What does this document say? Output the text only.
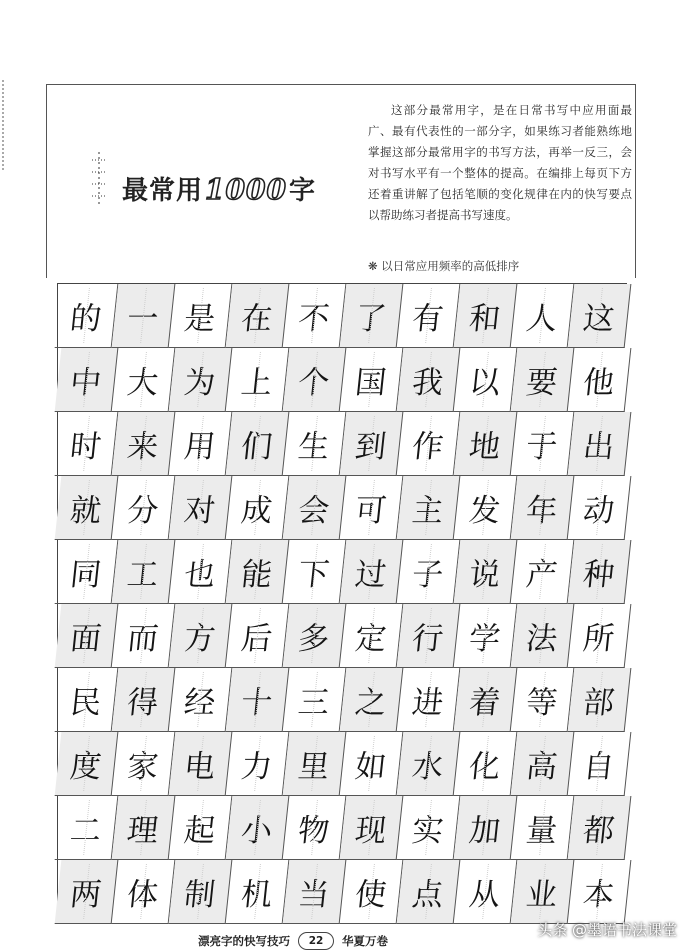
最常用1000字
这部分最常用字，是在日常书写中应用面最广、最有代表性的一部分字，如果练习者能熟练地掌握这部分最常用字的书写方法，再举一反三，会对书写水平有一个整体的提高。在编排上每页下方还着重讲解了包括笔顺的变化规律在内的快写要点以帮助练习者提高书写速度。
❋ 以日常应用频率的高低排序
的 一 是 在 不 了 有 和 人 这
中 大 为 上 个 国 我 以 要 他
时 来 用 们 生 到 作 地 于 出
就 分 对 成 会 可 主 发 年 动
同 工 也 能 下 过 子 说 产 种
面 而 方 后 多 定 行 学 法 所
民 得 经 十 三 之 进 着 等 部
度 家 电 力 里 如 水 化 高 自
二 理 起 小 物 现 实 加 量 都
两 体 制 机 当 使 点 从 业 本
漂亮字的快写技巧	22	华夏万卷
头条 @墨语书法课堂
